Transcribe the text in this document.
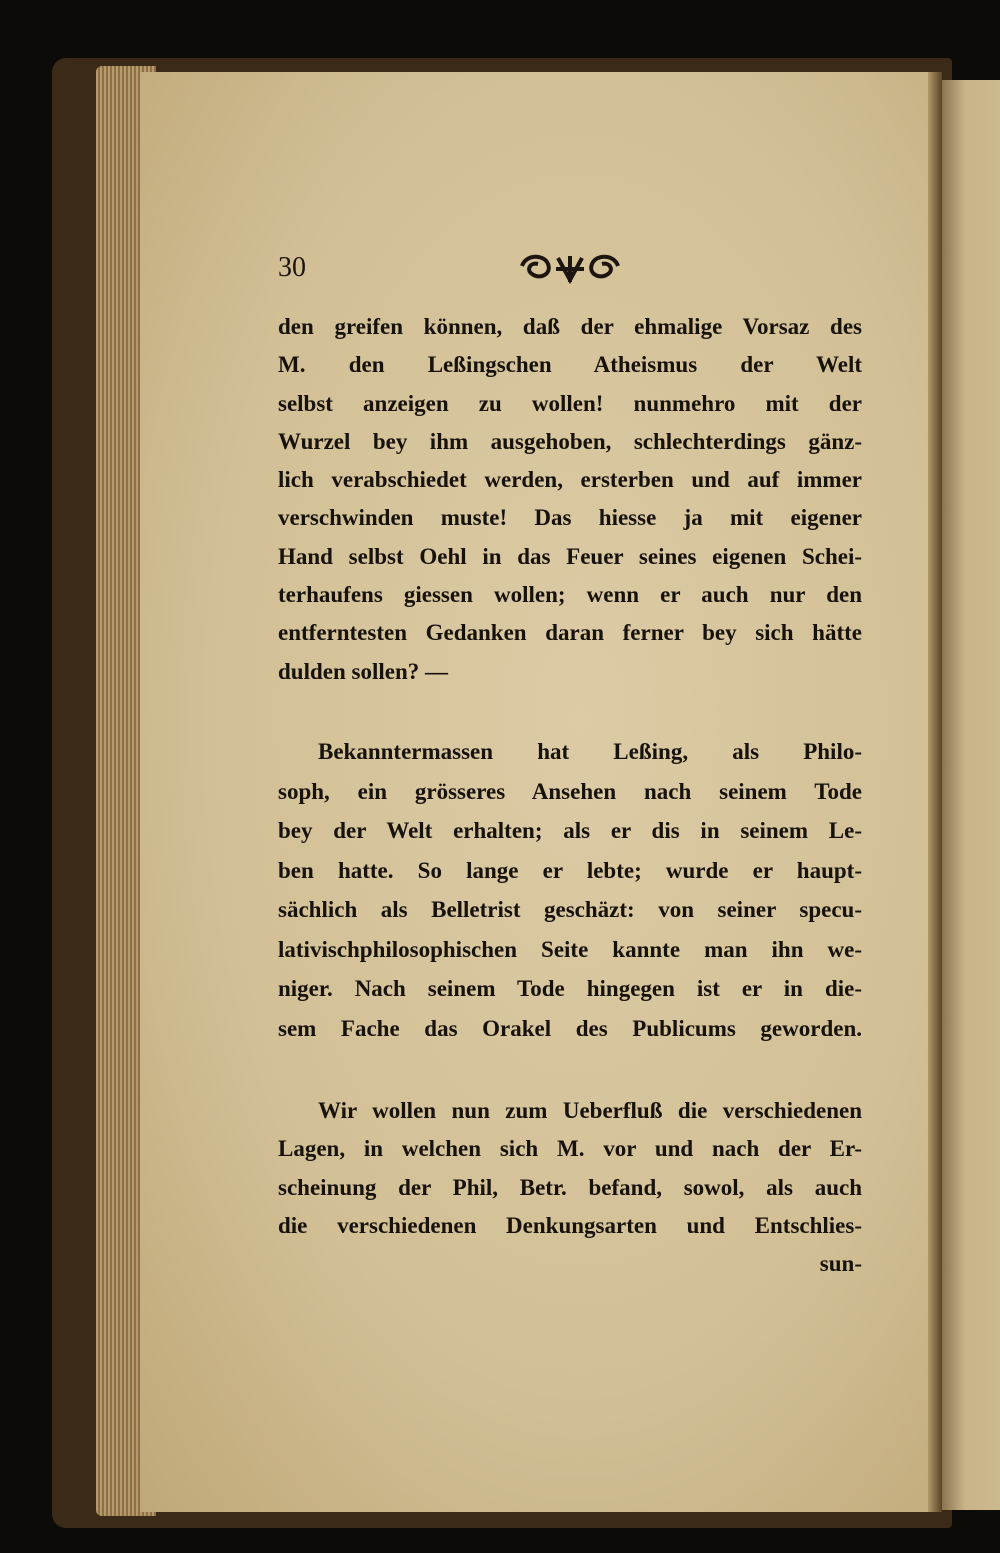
30
den greifen können, daß der ehmalige Vorsaz des
M. den Leßingschen Atheismus der Welt
selbst anzeigen zu wollen! nunmehro mit der
Wurzel bey ihm ausgehoben, schlechterdings gänz-
lich verabschiedet werden, ersterben und auf immer
verschwinden muste! Das hiesse ja mit eigener
Hand selbst Oehl in das Feuer seines eigenen Schei-
terhaufens giessen wollen; wenn er auch nur den
entferntesten Gedanken daran ferner bey sich hätte
dulden sollen? —
Bekanntermassen hat Leßing, als Philo-
soph, ein grösseres Ansehen nach seinem Tode
bey der Welt erhalten; als er dis in seinem Le-
ben hatte. So lange er lebte; wurde er haupt-
sächlich als Belletrist geschäzt: von seiner specu-
lativischphilosophischen Seite kannte man ihn we-
niger. Nach seinem Tode hingegen ist er in die-
sem Fache das Orakel des Publicums geworden.
Wir wollen nun zum Ueberfluß die verschiedenen
Lagen, in welchen sich M. vor und nach der Er-
scheinung der Phil, Betr. befand, sowol, als auch
die verschiedenen Denkungsarten und Entschlies-
sun-
